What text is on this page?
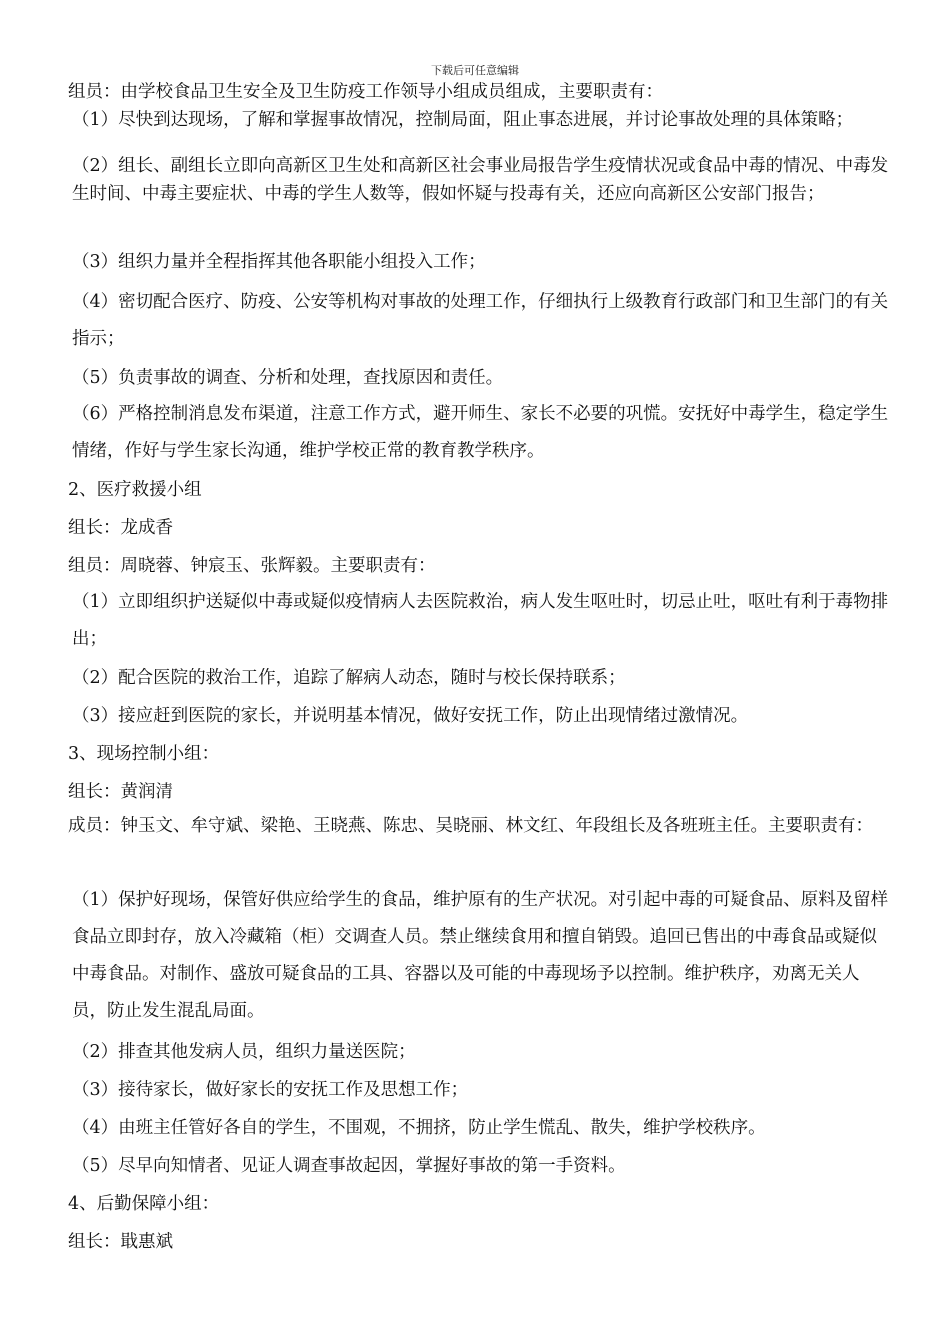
下载后可任意编辑
组员：由学校食品卫生安全及卫生防疫工作领导小组成员组成，主要职责有：
（1）尽快到达现场，了解和掌握事故情况，控制局面，阻止事态进展，并讨论事故处理的具体策略；
（2）组长、副组长立即向高新区卫生处和高新区社会事业局报告学生疫情状况或食品中毒的情况、中毒发生时间、中毒主要症状、中毒的学生人数等，假如怀疑与投毒有关，还应向高新区公安部门报告；
（3）组织力量并全程指挥其他各职能小组投入工作；
（4）密切配合医疗、防疫、公安等机构对事故的处理工作，仔细执行上级教育行政部门和卫生部门的有关指示；
（5）负责事故的调查、分析和处理，查找原因和责任。
（6）严格控制消息发布渠道，注意工作方式，避开师生、家长不必要的巩慌。安抚好中毒学生，稳定学生情绪，作好与学生家长沟通，维护学校正常的教育教学秩序。
2、医疗救援小组
组长：龙成香
组员：周晓蓉、钟宸玉、张辉毅。主要职责有：
（1）立即组织护送疑似中毒或疑似疫情病人去医院救治，病人发生呕吐时，切忌止吐，呕吐有利于毒物排出；
（2）配合医院的救治工作，追踪了解病人动态，随时与校长保持联系；
（3）接应赶到医院的家长，并说明基本情况，做好安抚工作，防止出现情绪过激情况。
3、现场控制小组：
组长：黄润清
成员：钟玉文、牟守斌、梁艳、王晓燕、陈忠、吴晓丽、林文红、年段组长及各班班主任。主要职责有：
（1）保护好现场，保管好供应给学生的食品，维护原有的生产状况。对引起中毒的可疑食品、原料及留样食品立即封存，放入冷藏箱（柜）交调查人员。禁止继续食用和擅自销毁。追回已售出的中毒食品或疑似中毒食品。对制作、盛放可疑食品的工具、容器以及可能的中毒现场予以控制。维护秩序，劝离无关人员，防止发生混乱局面。
（2）排查其他发病人员，组织力量送医院；
（3）接待家长，做好家长的安抚工作及思想工作；
（4）由班主任管好各自的学生，不围观，不拥挤，防止学生慌乱、散失，维护学校秩序。
（5）尽早向知情者、见证人调查事故起因，掌握好事故的第一手资料。
4、后勤保障小组：
组长：戢惠斌
